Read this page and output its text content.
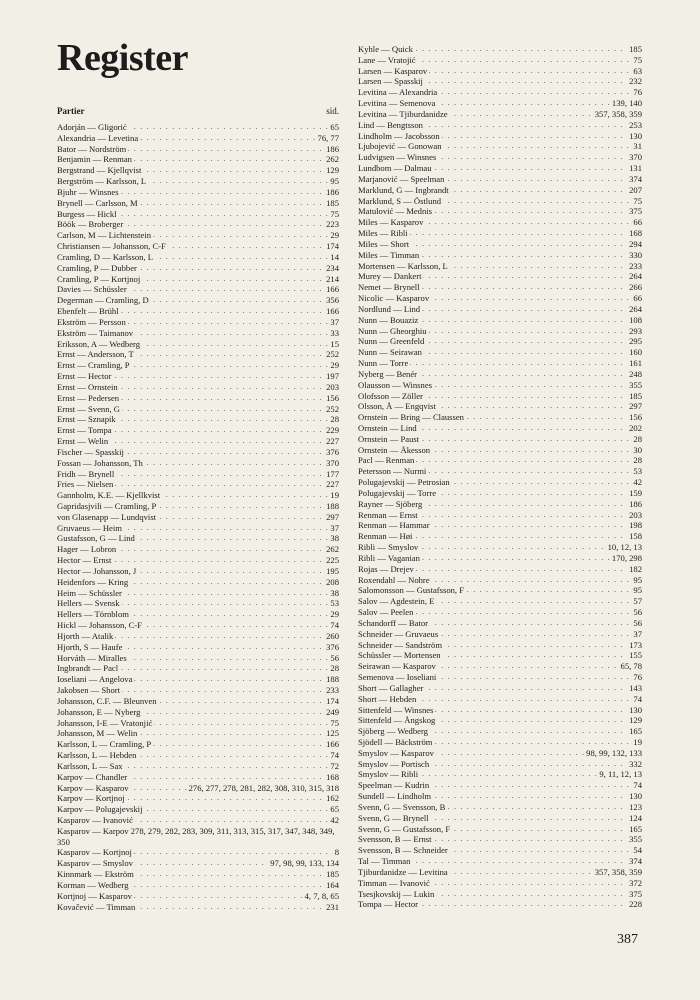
Register
Partier	sid.
Adorján — Gligorić . . .	65
Alexandria — Levetina . . .	76, 77
Bator — Nordström . . .	186
Benjamin — Renman . . .	262
Bergstrand — Kjellqvist . . .	129
Bergström — Karlsson, L . . .	95
Bjuhr — Winsnes . . .	186
Brynell — Carlsson, M . . .	185
Burgess — Hickl . . .	75
Böök — Broberger . . .	223
Carlson, M — Lichtenstein . . .	29
Christiansen — Johansson, C-F . . .	174
Cramling, D — Karlsson, L . . .	14
Cramling, P — Dubber . . .	234
Cramling, P — Kortjnoj . . .	214
Davies — Schüssler . . .	166
Degerman — Cramling, D . . .	356
Ebenfelt — Brühl . . .	166
Ekström — Persson . . .	37
Ekström — Taimanov . . .	33
Eriksson, A — Wedberg . . .	15
Ernst — Andersson, T . . .	252
Ernst — Cramling, P . . .	29
Ernst — Hector . . .	197
Ernst — Ornstein . . .	203
Ernst — Pedersen . . .	156
Ernst — Svenn, G . . .	252
Ernst — Sznapik . . .	28
Ernst — Tompa . . .	229
Ernst — Welin . . .	227
Fischer — Spasskij . . .	376
Fossan — Johansson, Th . . .	370
Fridh — Brynell . . .	177
Fries — Nielsen . . .	227
Gannholm, K.E. — Kjellkvist . . .	19
Gapridasjvili — Cramling, P . . .	188
von Glasenapp — Lundqvist . . .	297
Gruvaeus — Heim . . .	37
Gustafsson, G — Lind . . .	38
Hager — Lobron . . .	262
Hector — Ernst . . .	225
Hector — Johansson, J . . .	195
Heidenfors — Kring . . .	208
Heim — Schüssler . . .	38
Hellers — Svensk . . .	53
Hellers — Törnblom . . .	29
Hickl — Johansson, C-F . . .	74
Hjorth — Atalik . . .	260
Hjorth, S — Haufe . . .	376
Horváth — Miralles . . .	56
Ingbrandt — Pacl . . .	28
Ioseliani — Angelova . . .	188
Jakobsen — Short . . .	233
Johansson, C.F. — Bleunven . . .	174
Johansson, E — Nyberg . . .	249
Johansson, I-E — Vratonjić . . .	75
Johansson, M — Welin . . .	125
Karlsson, L — Cramling, P . . .	166
Karlsson, L — Hebden . . .	74
Karlsson, L — Sax . . .	72
Karpov — Chandler . . .	168
Karpov — Kasparov . . .	276, 277, 278, 281, 282, 308, 310, 315, 318
Karpov — Kortjnoj . . .	162
Karpov — Polugajevskij . . .	65
Kasparov — Ivanović . . .	42
Kasparov — Karpov 278, 279, 282, 283, 309, 311, 313, 315, 317, 347, 348, 349, 350
Kasparov — Kortjnoj . . .	8
Kasparov — Smyslov . . .	97, 98, 99, 133, 134
Kinnmark — Ekström . . .	185
Korman — Wedberg . . .	164
Kortjnoj — Kasparov . . .	4, 7, 8, 65
Kovačević — Timman . . .	231
Kyhle — Quick . . .	185
Lane — Vratojić . . .	75
Larsen — Kasparov . . .	63
Larsen — Spasskij . . .	232
Levitina — Alexandria . . .	76
Levitina — Semenova . . .	139, 140
Levitina — Tjiburdanidze . . .	357, 358, 359
Lind — Bengtsson . . .	253
Lindholm — Jacobsson . . .	130
Ljubojević — Gonowan . . .	31
Ludvigsen — Winsnes . . .	370
Lundbom — Dalmau . . .	131
Marjanović — Speelman . . .	374
Marklund, G — Ingbrandt . . .	207
Marklund, S — Östlund . . .	75
Matulović — Mednis . . .	375
Miles — Kasparov . . .	66
Miles — Ribli . . .	168
Miles — Short . . .	294
Miles — Timman . . .	330
Mortensen — Karlsson, L . . .	233
Murey — Dankert . . .	264
Nemet — Brynell . . .	266
Nicolic — Kasparov . . .	66
Nordlund — Lind . . .	264
Nunn — Bouaziz . . .	108
Nunn — Gheorghiu . . .	293
Nunn — Greenfeld . . .	295
Nunn — Seirawan . . .	160
Nunn — Torre . . .	161
Nyberg — Benér . . .	248
Olausson — Winsnes . . .	355
Olofsson — Zöller . . .	185
Olsson, Å — Engqvist . . .	297
Ornstein — Bring — Claussen . . .	156
Ornstein — Lind . . .	202
Ornstein — Paust . . .	28
Ornstein — Åkesson . . .	30
Pacl — Renman . . .	28
Petersson — Nurmi . . .	53
Polugajevskij — Petrosian . . .	42
Polugajevskij — Torre . . .	159
Rayner — Sjöberg . . .	186
Renman — Ernst . . .	203
Renman — Hammar . . .	198
Renman — Høi . . .	158
Ribli — Smyslov . . .	10, 12, 13
Ribli — Vaganian . . .	170, 298
Rojas — Drejev . . .	182
Roxendahl — Nohre . . .	95
Salomonsson — Gustafsson, F . . .	95
Salov — Agdestein, E . . .	57
Salov — Peelen . . .	56
Schandorff — Bator . . .	56
Schneider — Gruvaeus . . .	37
Schneider — Sandström . . .	173
Schüssler — Mortensen . . .	155
Seirawan — Kasparov . . .	65, 78
Semenova — Ioseliani . . .	76
Short — Gallagher . . .	143
Short — Hebden . . .	74
Sittenfeld — Winsnes . . .	130
Sittenfeld — Ångskog . . .	129
Sjöberg — Wedberg . . .	165
Sjödell — Bäckström . . .	19
Smyslov — Kasparov . . .	98, 99, 132, 133
Smyslov — Portisch . . .	332
Smyslov — Ribli . . .	9, 11, 12, 13
Speelman — Kudrin . . .	74
Sundell — Lindholm . . .	130
Svenn, G — Svensson, B . . .	123
Svenn, G — Brynell . . .	124
Svenn, G — Gustafsson, F . . .	165
Svensson, B — Ernst . . .	355
Svensson, B — Schneider . . .	54
Tal — Timman . . .	374
Tjiburdanidze — Levitina . . .	357, 358, 359
Timman — Ivanović . . .	372
Tsesjkovskij — Lukin . . .	375
Tompa — Hector . . .	228
387
